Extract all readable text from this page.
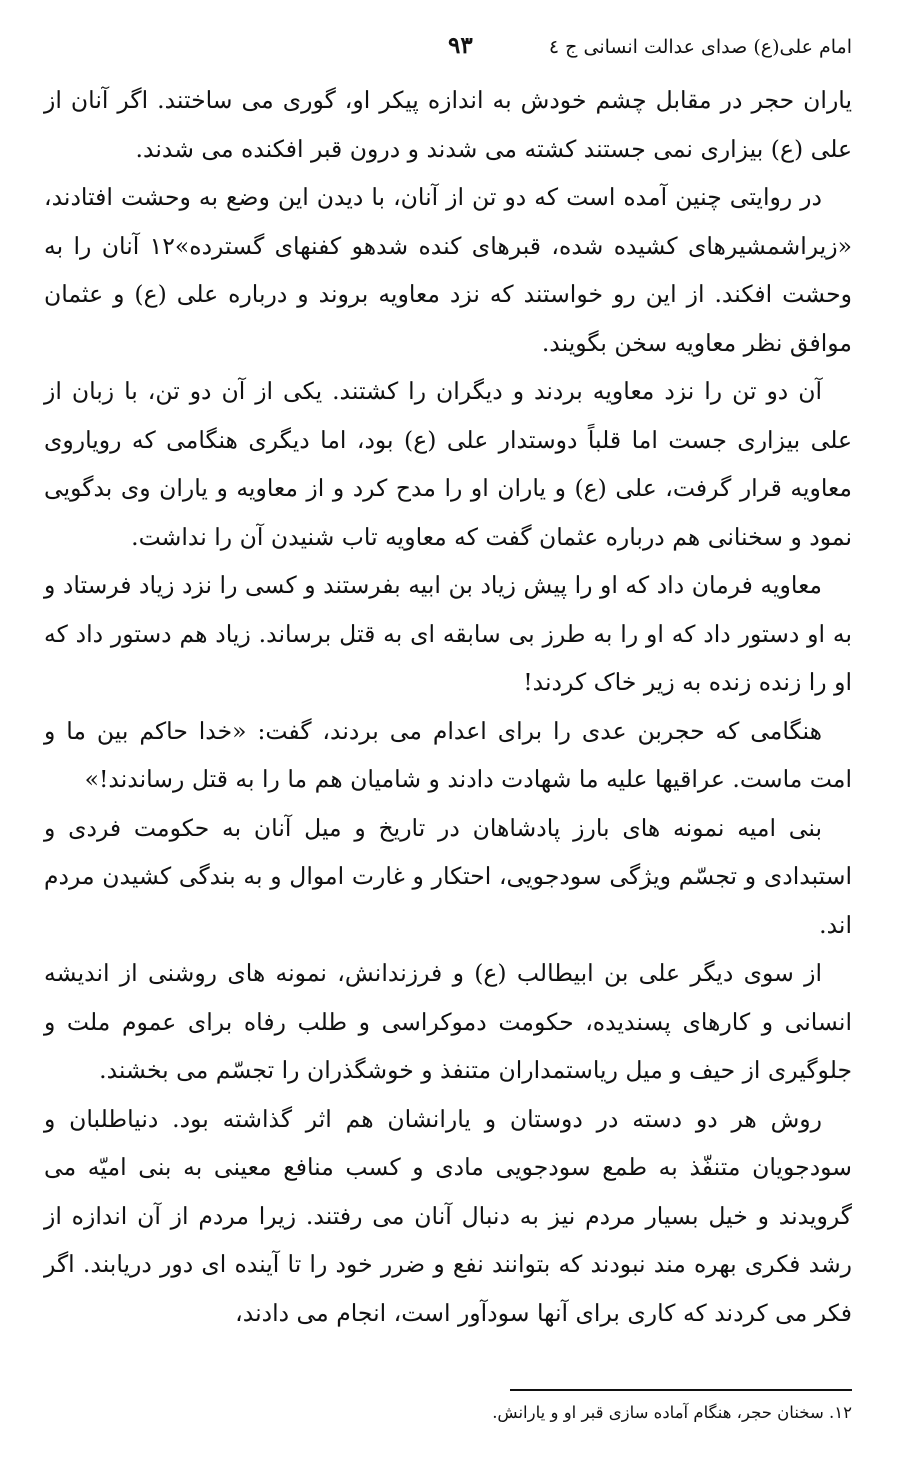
امام علی(ع) صدای عدالت انسانی ج ٤
٩٣

یاران حجر در مقابل چشم خودش به اندازه پیکر او، گوری می ساختند. اگر آنان از علی (ع) بیزاری نمی جستند کشته می شدند و درون قبر افکنده می شدند.

در روایتی چنین آمده است که دو تن از آنان، با دیدن این وضع به وحشت افتادند، «زیراشمشیرهای کشیده شده، قبرهای کنده شدهو کفنهای گسترده»١٢ آنان را به وحشت افکند. از این رو خواستند که نزد معاویه بروند و درباره علی (ع) و عثمان موافق نظر معاویه سخن بگویند.

آن دو تن را نزد معاویه بردند و دیگران را کشتند. یکی از آن دو تن، با زبان از علی بیزاری جست اما قلباً دوستدار علی (ع) بود، اما دیگری هنگامی که رویاروی معاویه قرار گرفت، علی (ع) و یاران او را مدح کرد و از معاویه و یاران وی بدگویی نمود و سخنانی هم درباره عثمان گفت که معاویه تاب شنیدن آن را نداشت.

معاویه فرمان داد که او را پیش زیاد بن ابیه بفرستند و کسی را نزد زیاد فرستاد و به او دستور داد که او را به طرز بی سابقه ای به قتل برساند. زیاد هم دستور داد که او را زنده زنده به زیر خاک کردند!

هنگامی که حجربن عدی را برای اعدام می بردند، گفت: «خدا حاکم بین ما و امت ماست. عراقیها علیه ما شهادت دادند و شامیان هم ما را به قتل رساندند!»

بنی امیه نمونه های بارز پادشاهان در تاریخ و میل آنان به حکومت فردی و استبدادی و تجسّم ویژگی سودجویی، احتکار و غارت اموال و به بندگی کشیدن مردم اند.

از سوی دیگر علی بن ابیطالب (ع) و فرزندانش، نمونه های روشنی از اندیشه انسانی و کارهای پسندیده، حکومت دموکراسی و طلب رفاه برای عموم ملت و جلوگیری از حیف و میل ریاستمداران متنفذ و خوشگذران را تجسّم می بخشند.

روش هر دو دسته در دوستان و یارانشان هم اثر گذاشته بود. دنیاطلبان و سودجویان متنفّذ به طمع سودجویی مادی و کسب منافع معینی به بنی امیّه می گرویدند و خیل بسیار مردم نیز به دنبال آنان می رفتند. زیرا مردم از آن اندازه از رشد فکری بهره مند نبودند که بتوانند نفع و ضرر خود را تا آینده ای دور دریابند. اگر فکر می کردند که کاری برای آنها سودآور است، انجام می دادند،

١٢. سخنان حجر، هنگام آماده سازی قبر او و یارانش.
